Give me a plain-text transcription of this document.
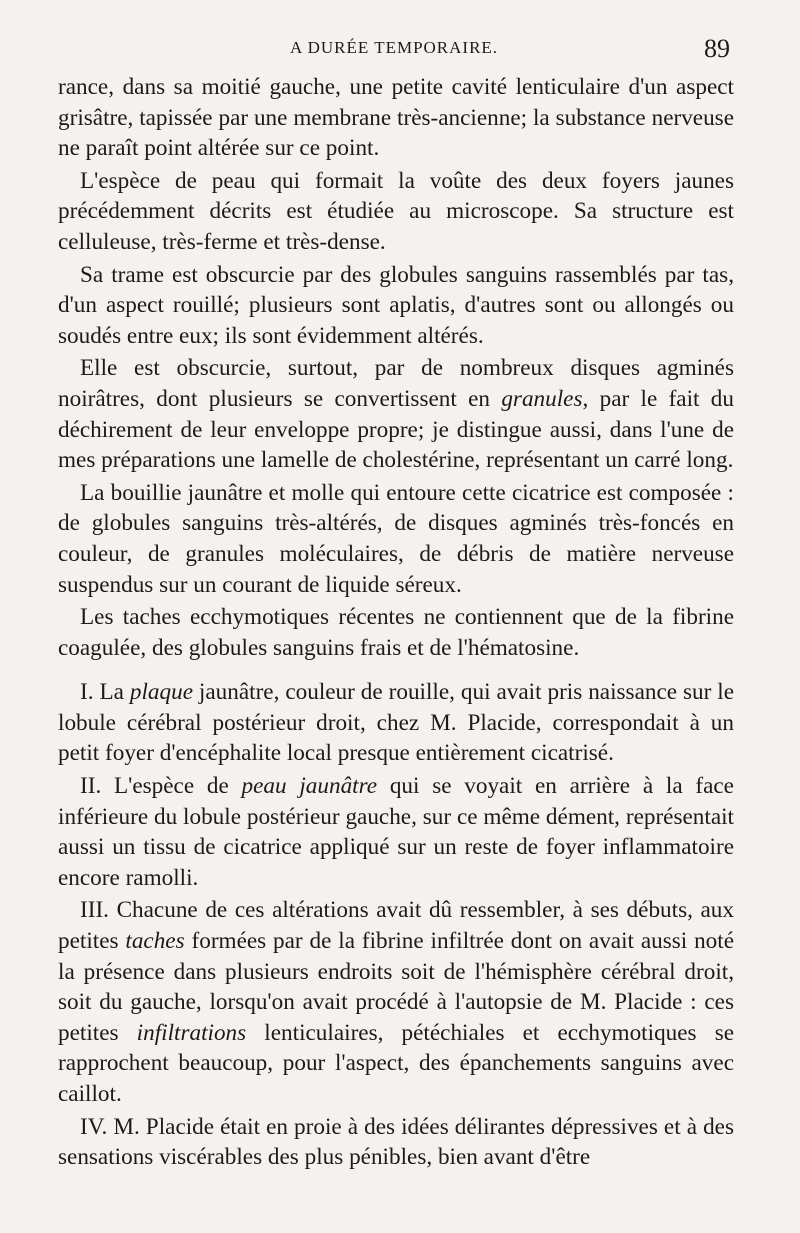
A DURÉE TEMPORAIRE.	89

rance, dans sa moitié gauche, une petite cavité lenticulaire d'un aspect grisâtre, tapissée par une membrane très-ancienne; la substance nerveuse ne paraît point altérée sur ce point.

L'espèce de peau qui formait la voûte des deux foyers jaunes précédemment décrits est étudiée au microscope. Sa structure est celluleuse, très-ferme et très-dense.

Sa trame est obscurcie par des globules sanguins rassemblés par tas, d'un aspect rouillé; plusieurs sont aplatis, d'autres sont ou allongés ou soudés entre eux; ils sont évidemment altérés.

Elle est obscurcie, surtout, par de nombreux disques agminés noirâtres, dont plusieurs se convertissent en granules, par le fait du déchirement de leur enveloppe propre; je distingue aussi, dans l'une de mes préparations une lamelle de cholestérine, représentant un carré long.

La bouillie jaunâtre et molle qui entoure cette cicatrice est composée : de globules sanguins très-altérés, de disques agminés très-foncés en couleur, de granules moléculaires, de débris de matière nerveuse suspendus sur un courant de liquide séreux.

Les taches ecchymotiques récentes ne contiennent que de la fibrine coagulée, des globules sanguins frais et de l'hématosine.

I. La plaque jaunâtre, couleur de rouille, qui avait pris naissance sur le lobule cérébral postérieur droit, chez M. Placide, correspondait à un petit foyer d'encéphalite local presque entièrement cicatrisé.

II. L'espèce de peau jaunâtre qui se voyait en arrière à la face inférieure du lobule postérieur gauche, sur ce même dément, représentait aussi un tissu de cicatrice appliqué sur un reste de foyer inflammatoire encore ramolli.

III. Chacune de ces altérations avait dû ressembler, à ses débuts, aux petites taches formées par de la fibrine infiltrée dont on avait aussi noté la présence dans plusieurs endroits soit de l'hémisphère cérébral droit, soit du gauche, lorsqu'on avait procédé à l'autopsie de M. Placide : ces petites infiltrations lenticulaires, pétéchiales et ecchymotiques se rapprochent beaucoup, pour l'aspect, des épanchements sanguins avec caillot.

IV. M. Placide était en proie à des idées délirantes dépressives et à des sensations viscérables des plus pénibles, bien avant d'être
